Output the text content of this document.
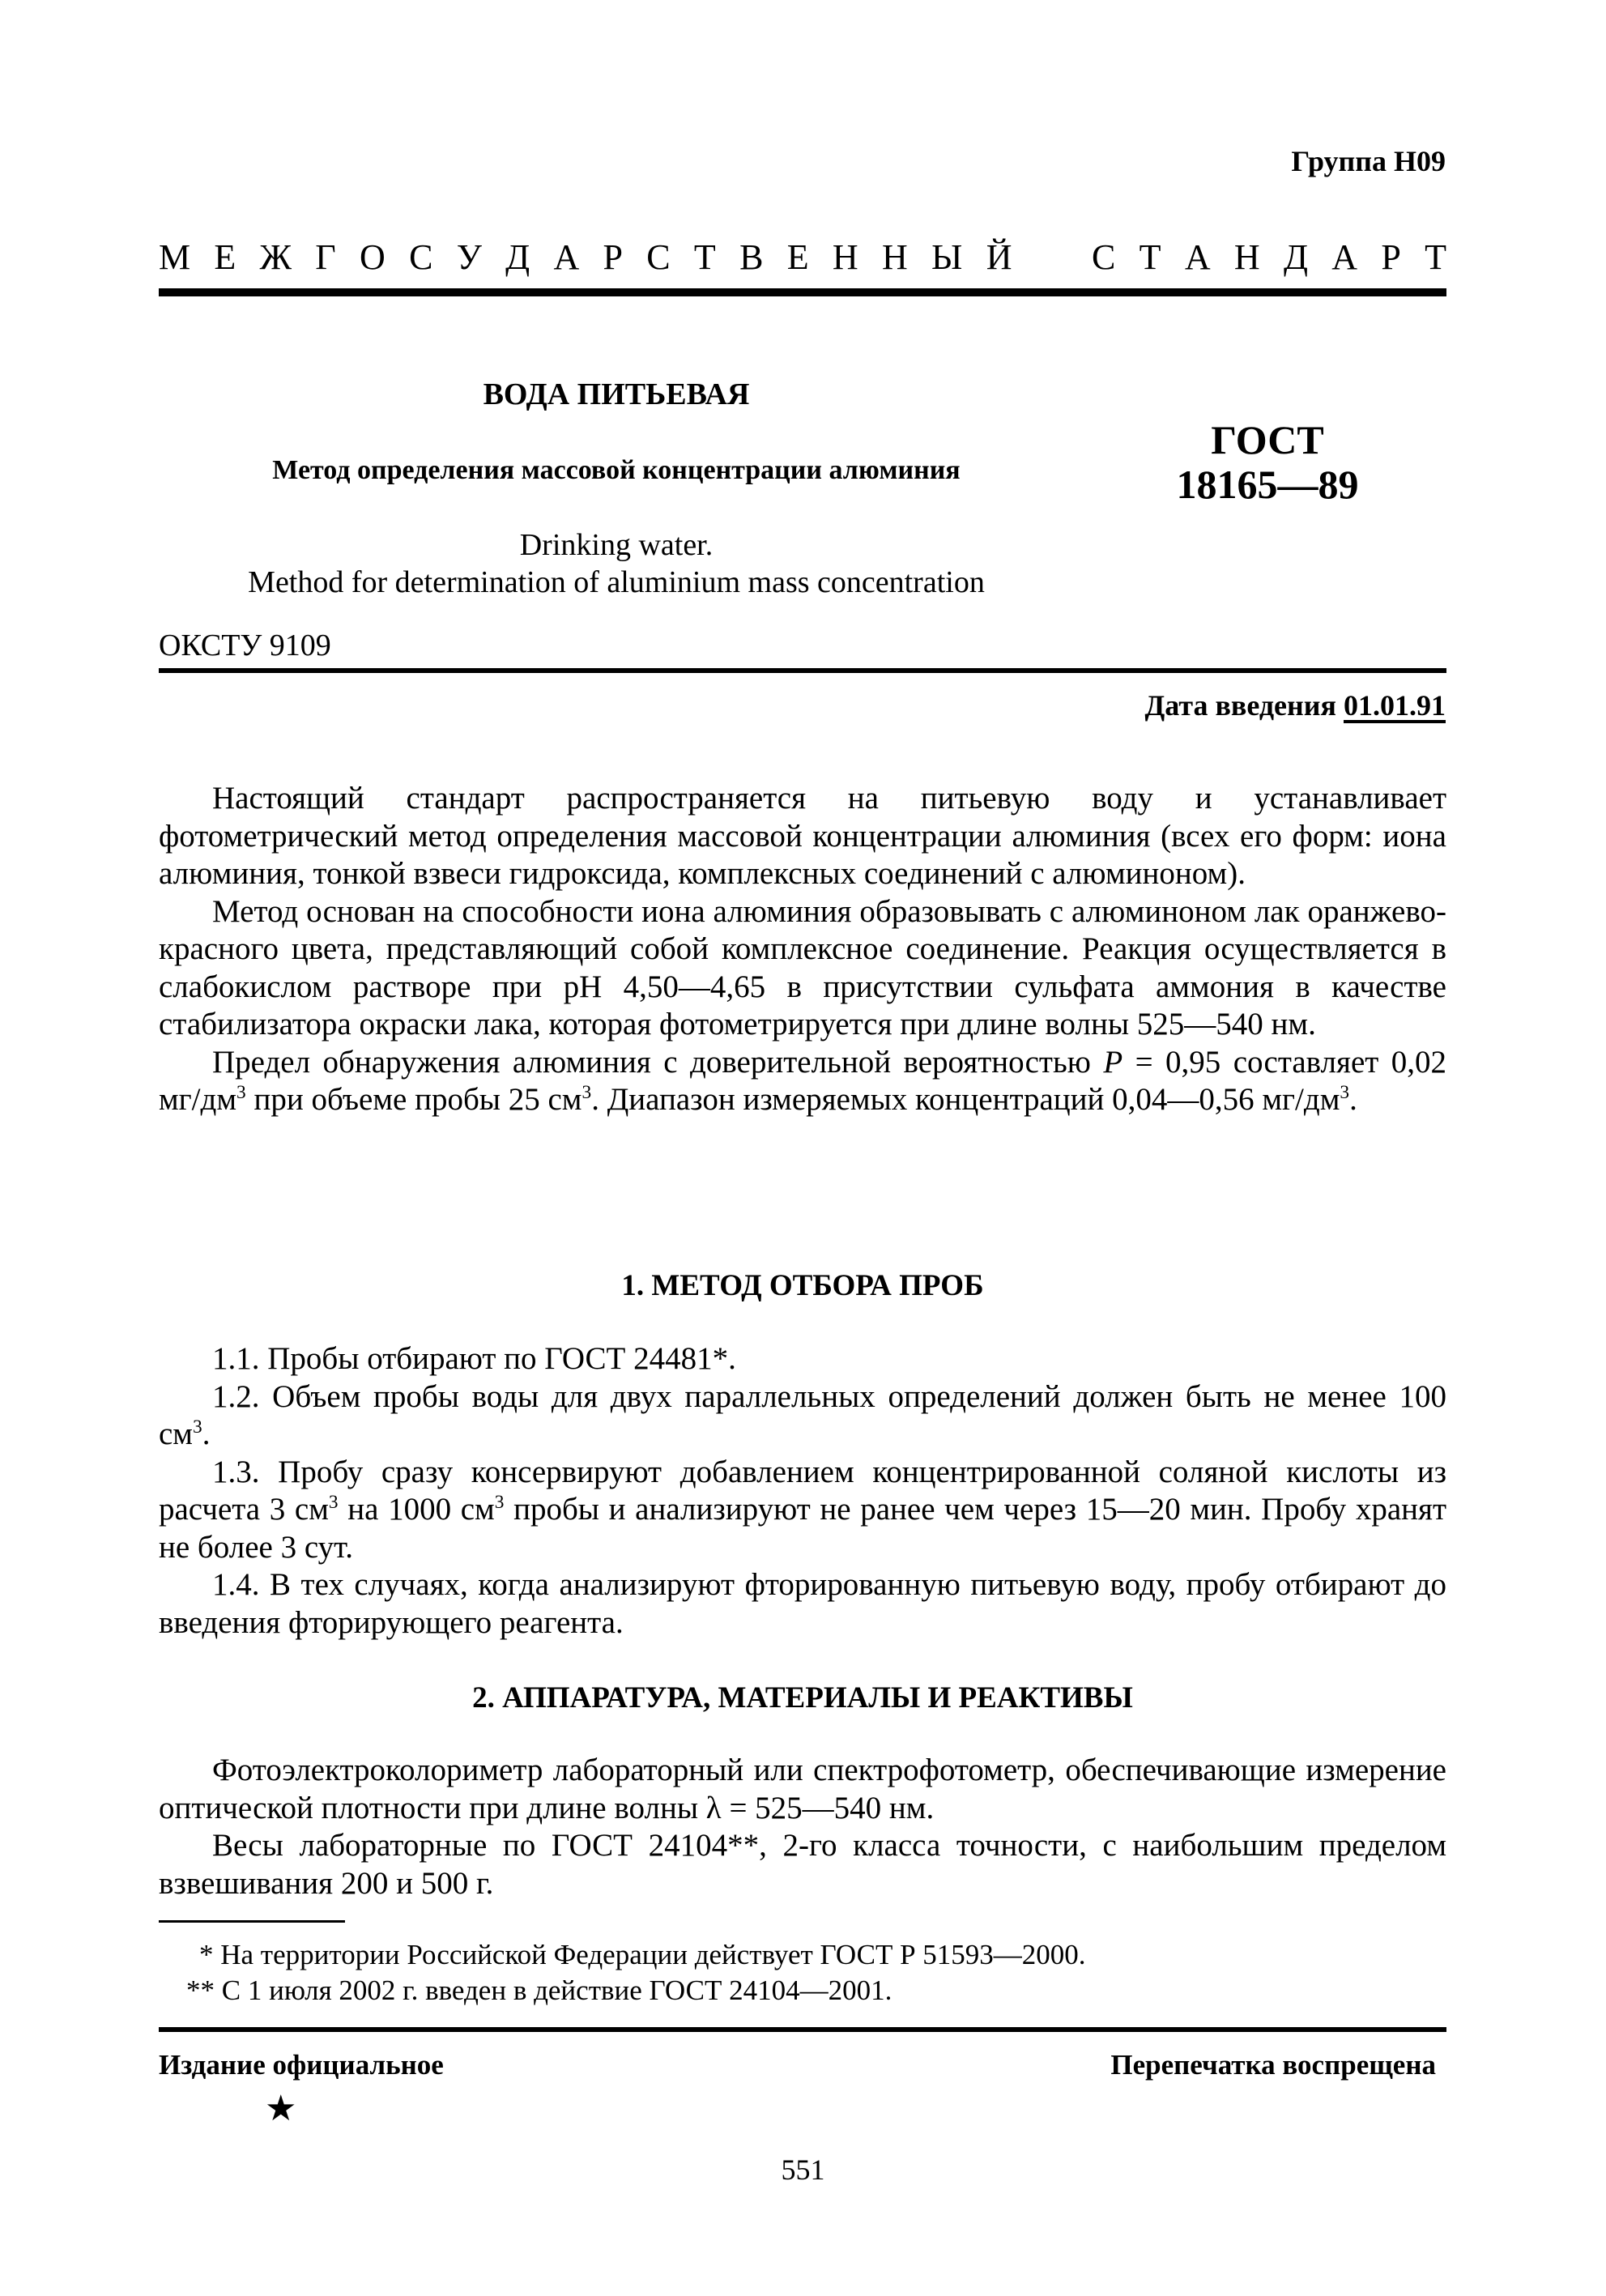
Группа Н09
М Е Ж Г О С У Д А Р С Т В Е Н Н Ы Й С Т А Н Д А Р Т
ВОДА ПИТЬЕВАЯ
Метод определения массовой концентрации алюминия
ГОСТ
18165—89
Drinking water.
Method for determination of aluminium mass concentration
ОКСТУ 9109
Дата введения 01.01.91

Настоящий стандарт распространяется на питьевую воду и устанавливает фотометрический метод определения массовой концентрации алюминия (всех его форм: иона алюминия, тонкой взвеси гидроксида, комплексных соединений с алюминоном).

Метод основан на способности иона алюминия образовывать с алюминоном лак оранжево-красного цвета, представляющий собой комплексное соединение. Реакция осуществляется в слабокислом растворе при pH 4,50—4,65 в присутствии сульфата аммония в качестве стабилизатора окраски лака, которая фотометрируется при длине волны 525—540 нм.

Предел обнаружения алюминия с доверительной вероятностью P = 0,95 составляет 0,02 $мг/дм^3$ при объеме пробы 25 $см^3$. Диапазон измеряемых концентраций 0,04—0,56 $мг/дм^3$.

1. МЕТОД ОТБОРА ПРОБ

1.1. Пробы отбирают по ГОСТ 24481*.

1.2. Объем пробы воды для двух параллельных определений должен быть не менее 100 $см^3$.

1.3. Пробу сразу консервируют добавлением концентрированной соляной кислоты из расчета 3 $см^3$ на 1000 $см^3$ пробы и анализируют не ранее чем через 15—20 мин. Пробу хранят не более 3 сут.

1.4. В тех случаях, когда анализируют фторированную питьевую воду, пробу отбирают до введения фторирующего реагента.

2. АППАРАТУРА, МАТЕРИАЛЫ И РЕАКТИВЫ

Фотоэлектроколориметр лабораторный или спектрофотометр, обеспечивающие измерение оптической плотности при длине волны λ = 525—540 нм.

Весы лабораторные по ГОСТ 24104**, 2-го класса точности, с наибольшим пределом взвешивания 200 и 500 г.

* На территории Российской Федерации действует ГОСТ Р 51593—2000.

** С 1 июля 2002 г. введен в действие ГОСТ 24104—2001.

Издание официальное	Перепечатка воспрещена
★
551
